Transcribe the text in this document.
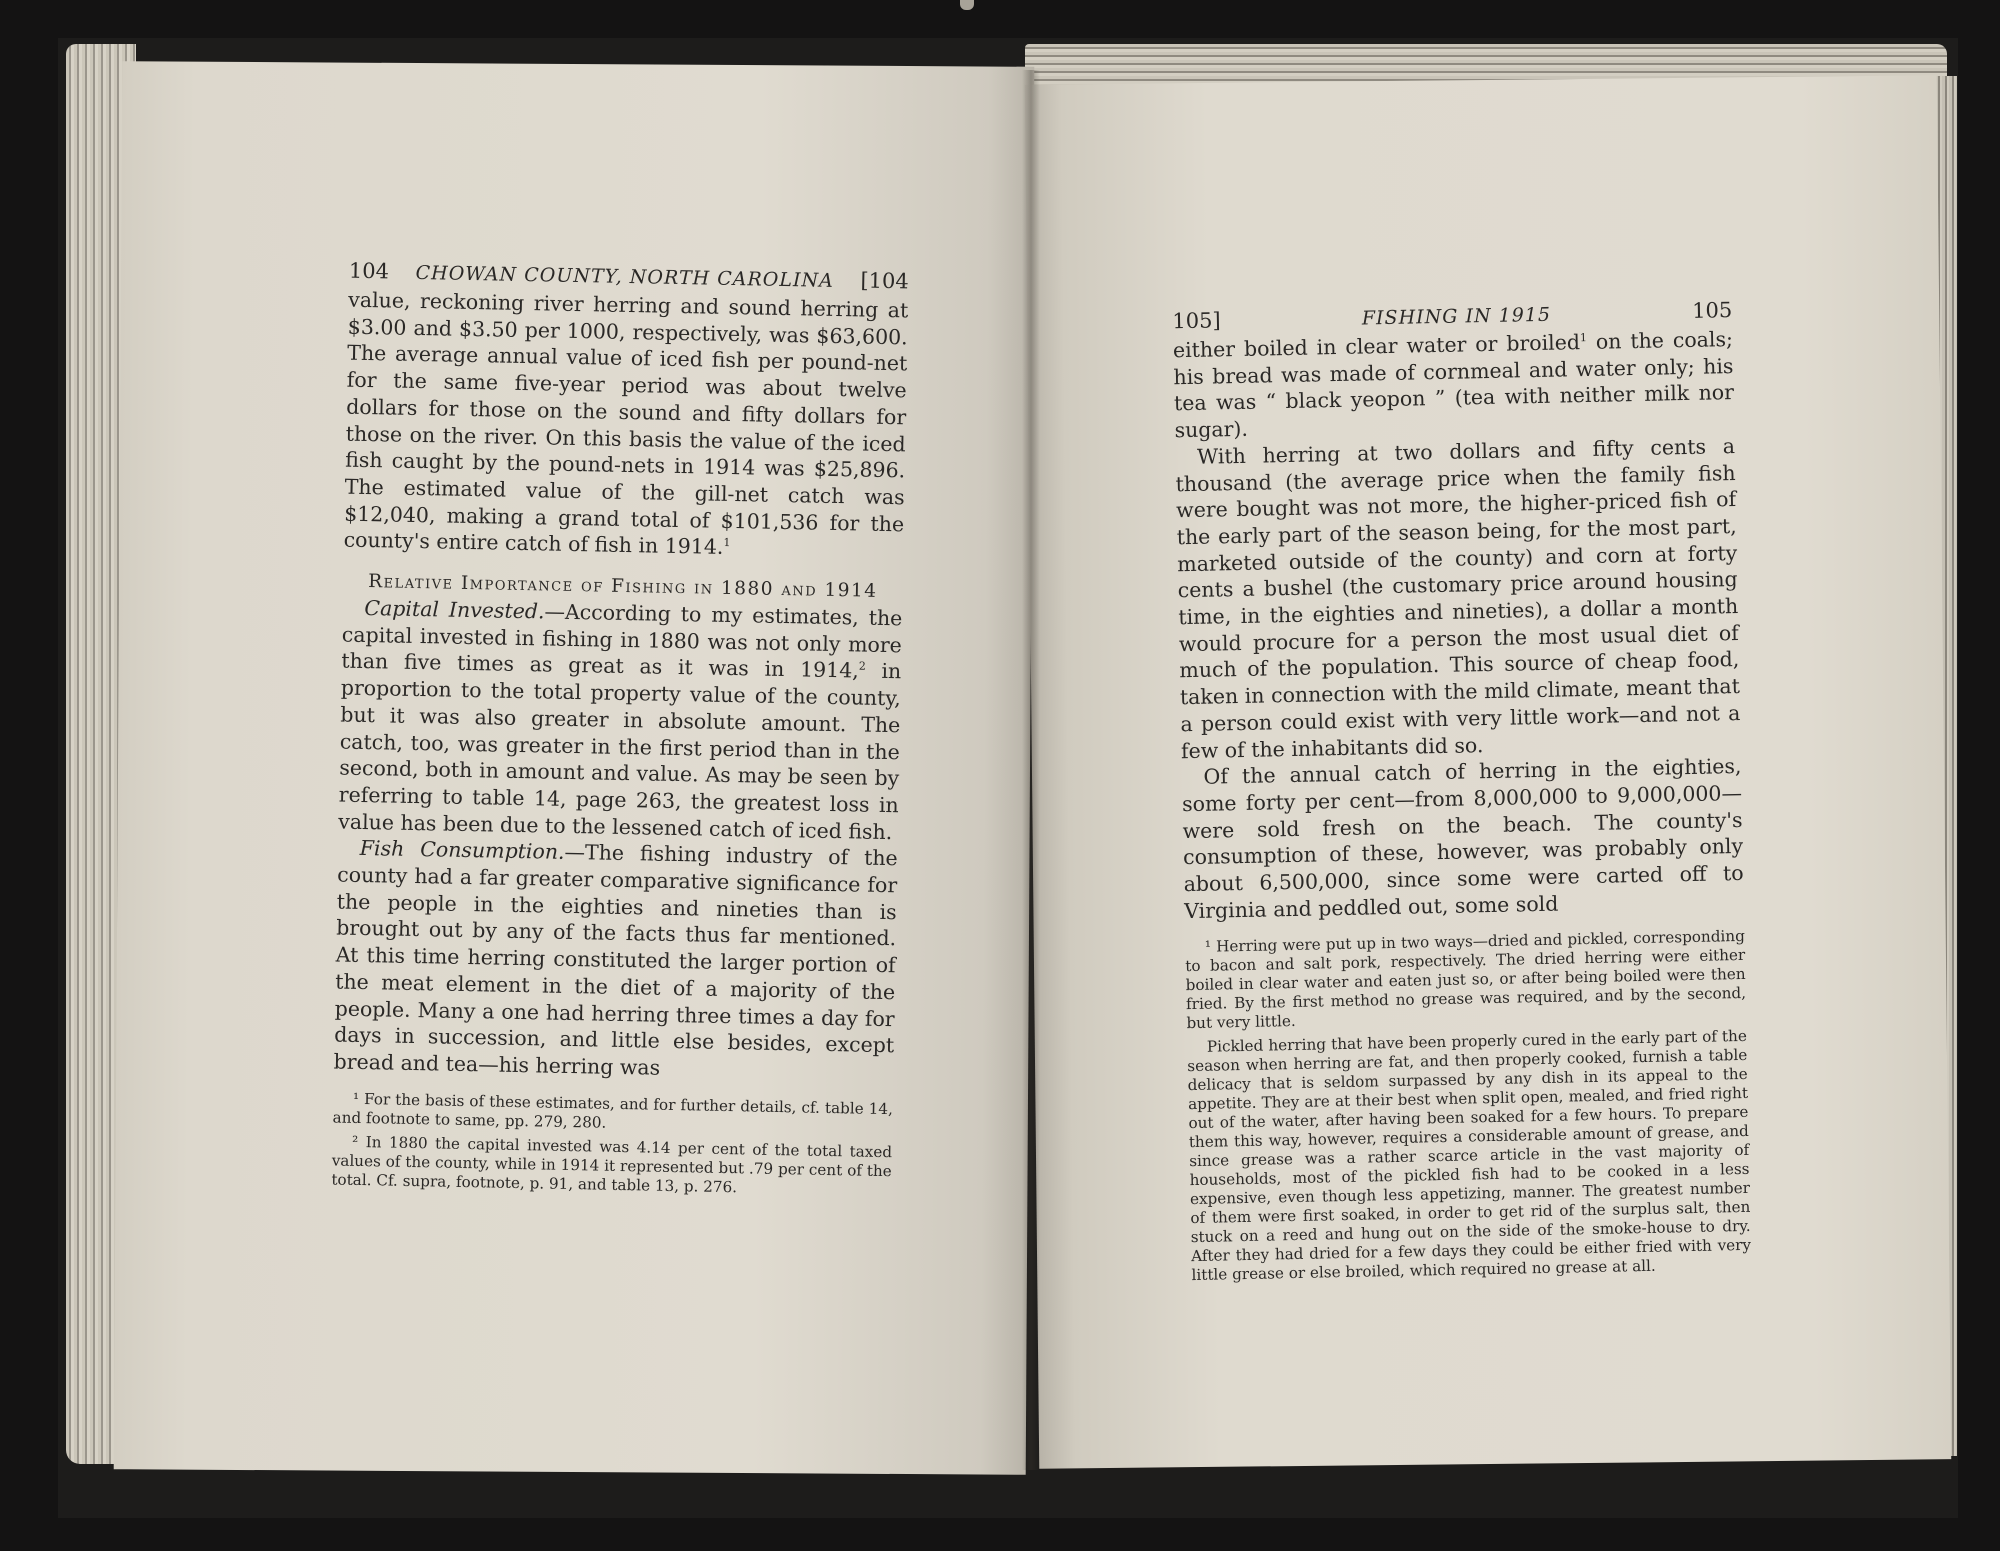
104 CHOWAN COUNTY, NORTH CAROLINA [104

value, reckoning river herring and sound herring at $3.00 and $3.50 per 1000, respectively, was $63,600. The average annual value of iced fish per pound-net for the same five-year period was about twelve dollars for those on the sound and fifty dollars for those on the river. On this basis the value of the iced fish caught by the pound-nets in 1914 was $25,896. The estimated value of the gill-net catch was $12,040, making a grand total of $101,536 for the county's entire catch of fish in 1914.$^1$

Relative Importance of Fishing in 1880 and 1914

Capital Invested.—According to my estimates, the capital invested in fishing in 1880 was not only more than five times as great as it was in 1914,$^2$ in proportion to the total property value of the county, but it was also greater in absolute amount. The catch, too, was greater in the first period than in the second, both in amount and value. As may be seen by referring to table 14, page 263, the greatest loss in value has been due to the lessened catch of iced fish.

Fish Consumption.—The fishing industry of the county had a far greater comparative significance for the people in the eighties and nineties than is brought out by any of the facts thus far mentioned. At this time herring constituted the larger portion of the meat element in the diet of a majority of the people. Many a one had herring three times a day for days in succession, and little else besides, except bread and tea—his herring was

¹ For the basis of these estimates, and for further details, cf. table 14, and footnote to same, pp. 279, 280.

² In 1880 the capital invested was 4.14 per cent of the total taxed values of the county, while in 1914 it represented but .79 per cent of the total. Cf. supra, footnote, p. 91, and table 13, p. 276.

105]	FISHING IN 1915	105

either boiled in clear water or broiled$^1$ on the coals; his bread was made of cornmeal and water only; his tea was “ black yeopon ” (tea with neither milk nor sugar).

With herring at two dollars and fifty cents a thousand (the average price when the family fish were bought was not more, the higher-priced fish of the early part of the season being, for the most part, marketed outside of the county) and corn at forty cents a bushel (the customary price around housing time, in the eighties and nineties), a dollar a month would procure for a person the most usual diet of much of the population. This source of cheap food, taken in connection with the mild climate, meant that a person could exist with very little work—and not a few of the inhabitants did so.

Of the annual catch of herring in the eighties, some forty per cent—from 8,000,000 to 9,000,000—were sold fresh on the beach. The county's consumption of these, however, was probably only about 6,500,000, since some were carted off to Virginia and peddled out, some sold

¹ Herring were put up in two ways—dried and pickled, corresponding to bacon and salt pork, respectively. The dried herring were either boiled in clear water and eaten just so, or after being boiled were then fried. By the first method no grease was required, and by the second, but very little.

Pickled herring that have been properly cured in the early part of the season when herring are fat, and then properly cooked, furnish a table delicacy that is seldom surpassed by any dish in its appeal to the appetite. They are at their best when split open, mealed, and fried right out of the water, after having been soaked for a few hours. To prepare them this way, however, requires a considerable amount of grease, and since grease was a rather scarce article in the vast majority of households, most of the pickled fish had to be cooked in a less expensive, even though less appetizing, manner. The greatest number of them were first soaked, in order to get rid of the surplus salt, then stuck on a reed and hung out on the side of the smoke-house to dry. After they had dried for a few days they could be either fried with very little grease or else broiled, which required no grease at all.
